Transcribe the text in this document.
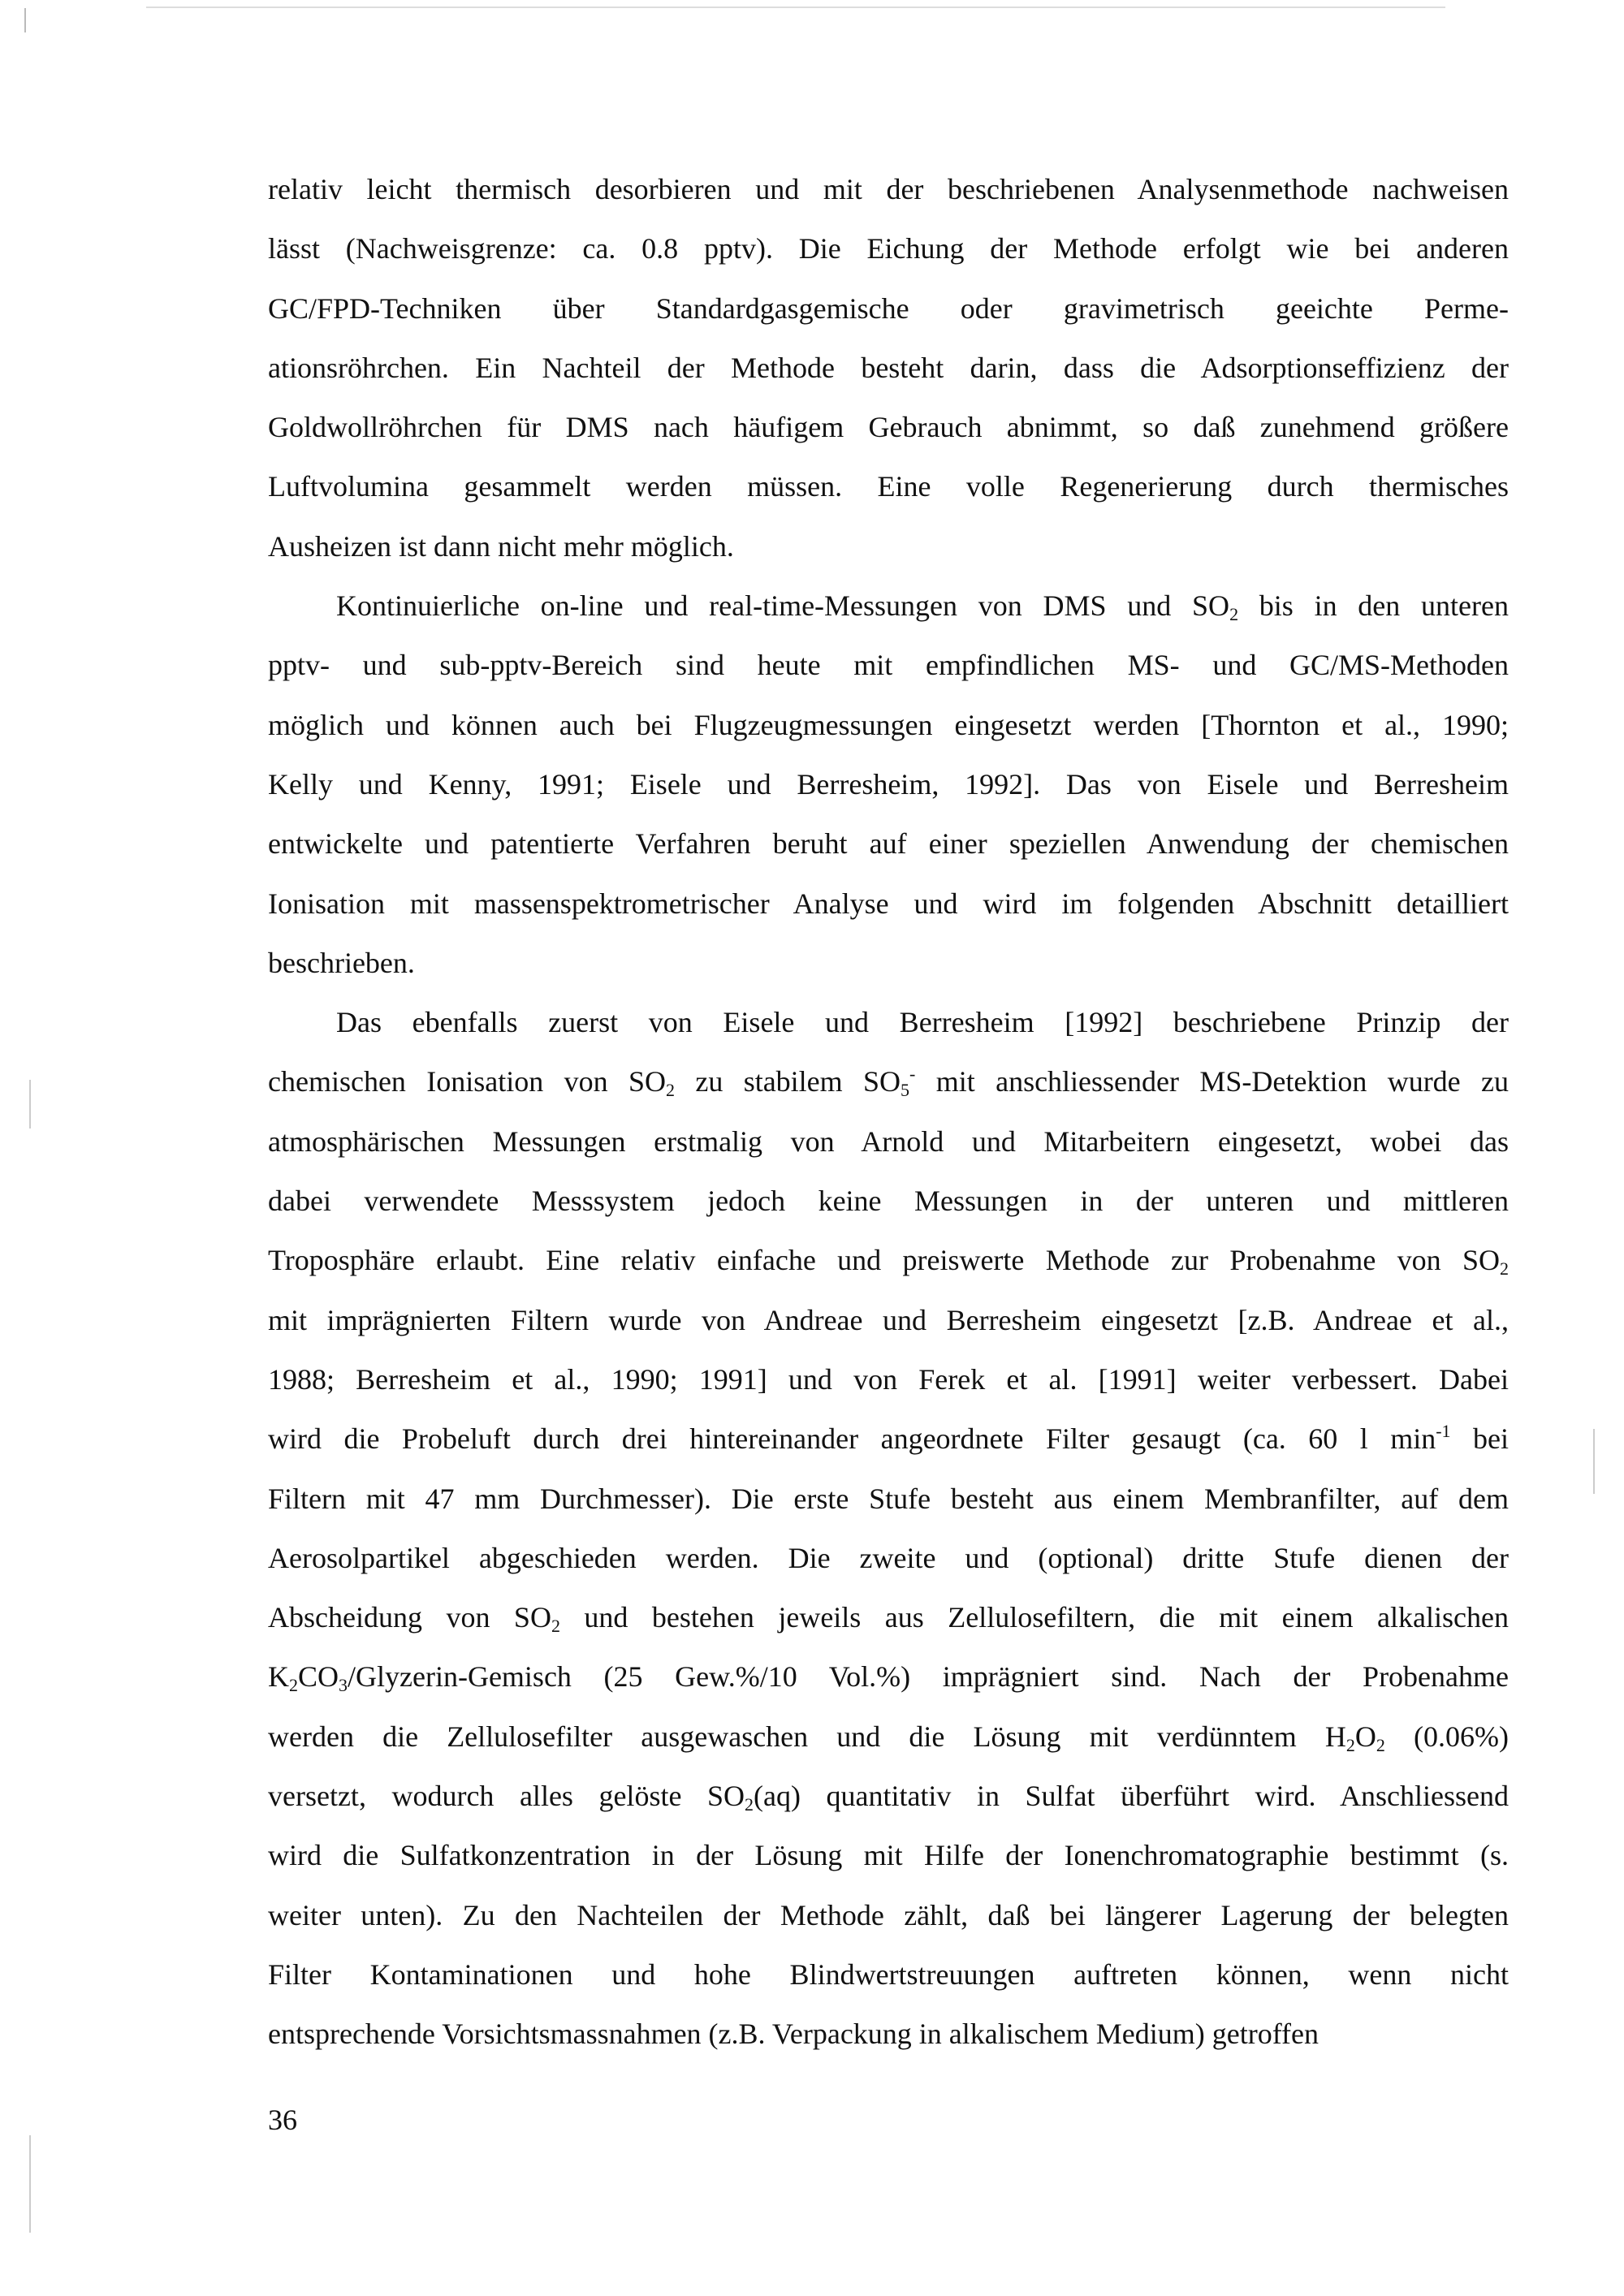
relativ leicht thermisch desorbieren und mit der beschriebenen Analysenmethode nachweisen
lässt (Nachweisgrenze: ca. 0.8 pptv). Die Eichung der Methode erfolgt wie bei anderen
GC/FPD-Techniken über Standardgasgemische oder gravimetrisch geeichte Perme-
ationsröhrchen. Ein Nachteil der Methode besteht darin, dass die Adsorptionseffizienz der
Goldwollröhrchen für DMS nach häufigem Gebrauch abnimmt, so daß zunehmend größere
Luftvolumina gesammelt werden müssen. Eine volle Regenerierung durch thermisches
Ausheizen ist dann nicht mehr möglich.
Kontinuierliche on-line und real-time-Messungen von DMS und $SO_2$ bis in den unteren
pptv- und sub-pptv-Bereich sind heute mit empfindlichen MS- und GC/MS-Methoden
möglich und können auch bei Flugzeugmessungen eingesetzt werden [Thornton et al., 1990;
Kelly und Kenny, 1991; Eisele und Berresheim, 1992]. Das von Eisele und Berresheim
entwickelte und patentierte Verfahren beruht auf einer speziellen Anwendung der chemischen
Ionisation mit massenspektrometrischer Analyse und wird im folgenden Abschnitt detailliert
beschrieben.
Das ebenfalls zuerst von Eisele und Berresheim [1992] beschriebene Prinzip der
chemischen Ionisation von $SO_2$ zu stabilem $SO_5^-$ mit anschliessender MS-Detektion wurde zu
atmosphärischen Messungen erstmalig von Arnold und Mitarbeitern eingesetzt, wobei das
dabei verwendete Messsystem jedoch keine Messungen in der unteren und mittleren
Troposphäre erlaubt. Eine relativ einfache und preiswerte Methode zur Probenahme von $SO_2$
mit imprägnierten Filtern wurde von Andreae und Berresheim eingesetzt [z.B. Andreae et al.,
1988; Berresheim et al., 1990; 1991] und von Ferek et al. [1991] weiter verbessert. Dabei
wird die Probeluft durch drei hintereinander angeordnete Filter gesaugt (ca. 60 l $\min^{-1}$ bei
Filtern mit 47 mm Durchmesser). Die erste Stufe besteht aus einem Membranfilter, auf dem
Aerosolpartikel abgeschieden werden. Die zweite und (optional) dritte Stufe dienen der
Abscheidung von $SO_2$ und bestehen jeweils aus Zellulosefiltern, die mit einem alkalischen
$K_2CO_3/Glyzerin$-Gemisch (25 Gew.%/10 Vol.%) imprägniert sind. Nach der Probenahme
werden die Zellulosefilter ausgewaschen und die Lösung mit verdünntem $H_2O_2$ (0.06%)
versetzt, wodurch alles gelöste $SO_2(aq)$ quantitativ in Sulfat überführt wird. Anschliessend
wird die Sulfatkonzentration in der Lösung mit Hilfe der Ionenchromatographie bestimmt (s.
weiter unten). Zu den Nachteilen der Methode zählt, daß bei längerer Lagerung der belegten
Filter Kontaminationen und hohe Blindwertstreuungen auftreten können, wenn nicht
entsprechende Vorsichtsmassnahmen (z.B. Verpackung in alkalischem Medium) getroffen
36
